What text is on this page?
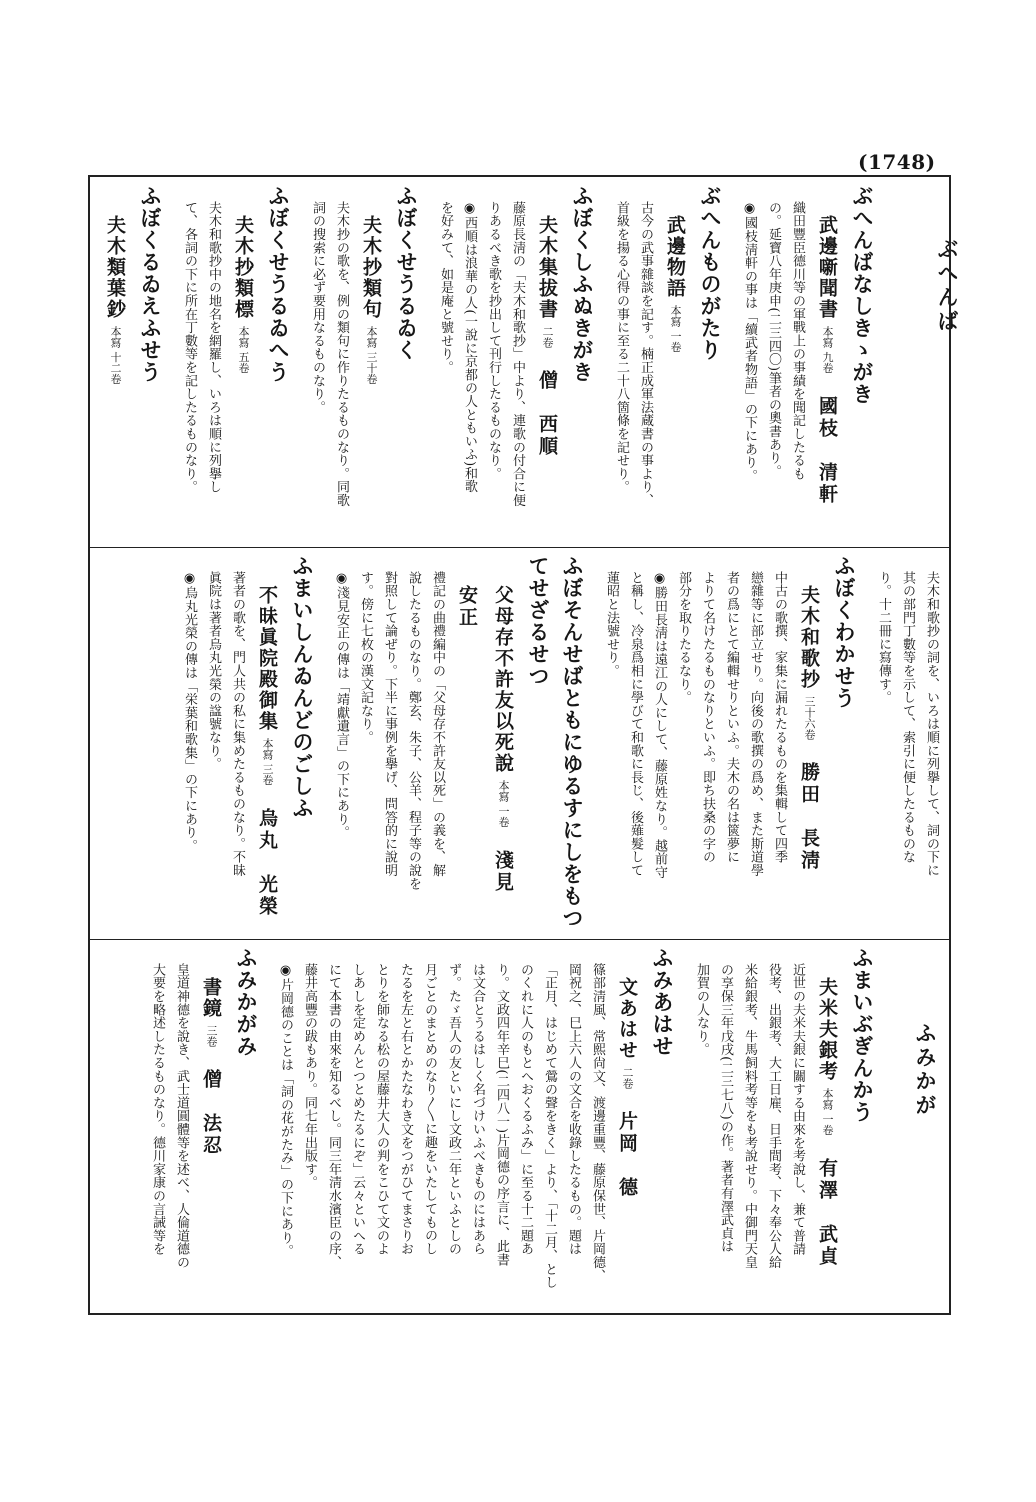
(1748)
ぶへんば
ふみかが
ぶへんばなしきゝがき
武邊噺聞書本寫 九卷國枝　清軒

織田豐臣德川等の軍戰上の事績を聞記したるも

の。延寶八年庚申(二三四〇)筆者の奧書あり。

◉國枝淸軒の事は「續武者物語」の下にあり。

ぶへんものがたり
武邊物語本寫 一卷

古今の武事雜談を記す。楠正成軍法蔵書の事より、

首級を揚る心得の事に至る二十八箇條を記せり。

ふぼくしふぬきがき
夫木集拔書二卷僧　西順

藤原長淸の「夫木和歌抄」中より、連歌の付合に便

りあるべき歌を抄出して刊行したるものなり。

◉西順は浪華の人(一說に京都の人ともいふ)和歌

を好みて、如是庵と號せり。

ふぼくせうるゐく
夫木抄類句本寫 三十卷

夫木抄の歌を、例の類句に作りたるものなり。同歌

詞の搜索に必ず要用なるものなり。

ふぼくせうるゐへう
夫木抄類標本寫 五卷

夫木和歌抄中の地名を網羅し、いろは順に列擧し

て、各詞の下に所在丁數等を記したるものなり。

ふぼくるゐえふせう
夫木類葉鈔本寫 十二卷

夫木和歌抄の詞を、いろは順に列擧して、詞の下に

其の部門丁數等を示して、索引に便したるものな

り。十二冊に寫傳す。

ふぼくわかせう
夫木和歌抄三十六卷勝田　長淸

中古の歌撰、家集に漏れたるものを集輯して四季

戀雜等に部立せり。向後の歌撰の爲め、また斯道學

者の爲にとて編輯せりといふ。夫木の名は篋夢に

よりて名けたるものなりといふ。即ち扶桑の字の

部分を取りたるなり。

◉勝田長淸は遠江の人にして、藤原姓なり。越前守

と稱し、冷泉爲相に學びて和歌に長じ、後薙髮して

蓮昭と法號せり。

ふぼそんせばともにゆるすにしをもつてせざるせつ
父母存不許友以死說本寫 一卷淺見　安正

禮記の曲禮編中の「父母存不許友以死」の義を、解

說したるものなり。鄭玄、朱子、公羊、程子等の說を

對照して論ぜり。下半に事例を擧げ、問答的に說明

す。傍に七枚の漢文記なり。

◉淺見安正の傳は「靖獻遺言」の下にあり。

ふまいしんゐんどのごしふ
不昧眞院殿御集本寫 三卷烏丸　光榮

著者の歌を、門人共の私に集めたるものなり。不昧

眞院は著者烏丸光榮の諡號なり。

◉烏丸光榮の傳は「栄葉和歌集」の下にあり。

ふまいぶぎんかう
夫米夫銀考本寫 一卷有澤　武貞

近世の夫米夫銀に關する由來を考說し、兼て普請

役考、出銀考、大工日雇、日手間考、下々奉公人給

米給銀考、牛馬飼料考等をも考說せり。中御門天皇

の享保三年戊戌(二三七八)の作。著者有澤武貞は

加賀の人なり。

ふみあはせ
文あはせ二卷片岡　德

篠部淸風、常熙尙文、渡邊重豐、藤原保世、片岡德、

岡祝之、巳上六人の文合を收錄したるもの。題は

「正月、はじめて鶯の聲をきく」より、「十二月、とし

のくれに人のもとへおくるふみ」に至る十二題あ

り。文政四年辛巳(二四八一)片岡德の序言に、此書

は文合とうるはしく名づけいふべきものにはあら

ず。たゞ吾人の友といにし文政二年といふとしの

月ごとのまとめのなり〳〵に趣をいたしてものし

たるを左と右とかたなわき文をつがひてまさりお

とりを師なる松の屋藤井大人の判をこひて文のよ

しあしを定めんとつとめたるにぞ」云々といへる

にて本書の由來を知るべし。同三年淸水濱臣の序、

藤井高豐の跋もあり。同七年出版す。

◉片岡德のことは「詞の花がたみ」の下にあり。

ふみかがみ
書鏡三卷僧　法忍

皇道神德を說き、武士道圓體等を述べ、人倫道德の

大要を略述したるものなり。德川家康の言誡等を
